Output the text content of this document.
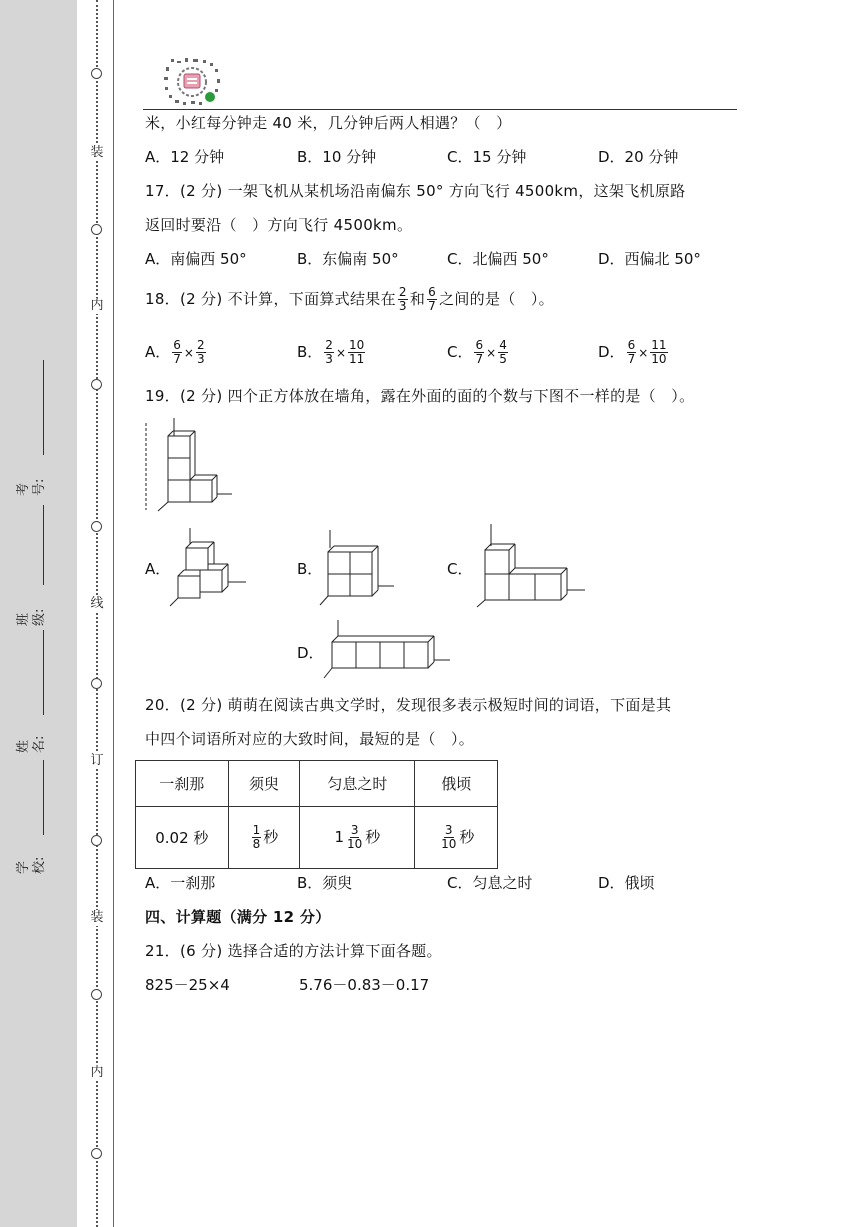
装
内
线
订
装
内
考号:
班级:
姓名:
学校:
米，小红每分钟走 40 米，几分钟后两人相遇？（　）
A．12 分钟	B．10 分钟	C．15 分钟	D．20 分钟
17．(2 分) 一架飞机从某机场沿南偏东 50° 方向飞行 4500km，这架飞机原路
返回时要沿（　）方向飞行 4500km。
A．南偏西 50°	B．东偏南 50°	C．北偏西 50°	D．西偏北 50°
18．(2 分) 不计算，下面算式结果在 $\frac{2}{3}$ 和 $\frac{6}{7}$ 之间的是（　）。
A． $\frac{6}{7} \times \frac{2}{3}$	B． $\frac{2}{3} \times \frac{10}{11}$	C． $\frac{6}{7} \times \frac{4}{5}$	D． $\frac{6}{7} \times \frac{11}{10}$
19．(2 分) 四个正方体放在墙角，露在外面的面的个数与下图不一样的是（　）。
A．	B．	C．
D．
20．(2 分) 萌萌在阅读古典文学时，发现很多表示极短时间的词语，下面是其
中四个词语所对应的大致时间，最短的是（　）。
一刹那	须臾	匀息之时	俄顷
0.02 秒	$\frac{1}{8}$ 秒	$1 \frac{3}{10}$ 秒	$\frac{3}{10}$ 秒
A．一刹那	B．须臾	C．匀息之时	D．俄顷
四、计算题（满分 12 分）
21．(6 分) 选择合适的方法计算下面各题。
825－25×4	5.76－0.83－0.17
